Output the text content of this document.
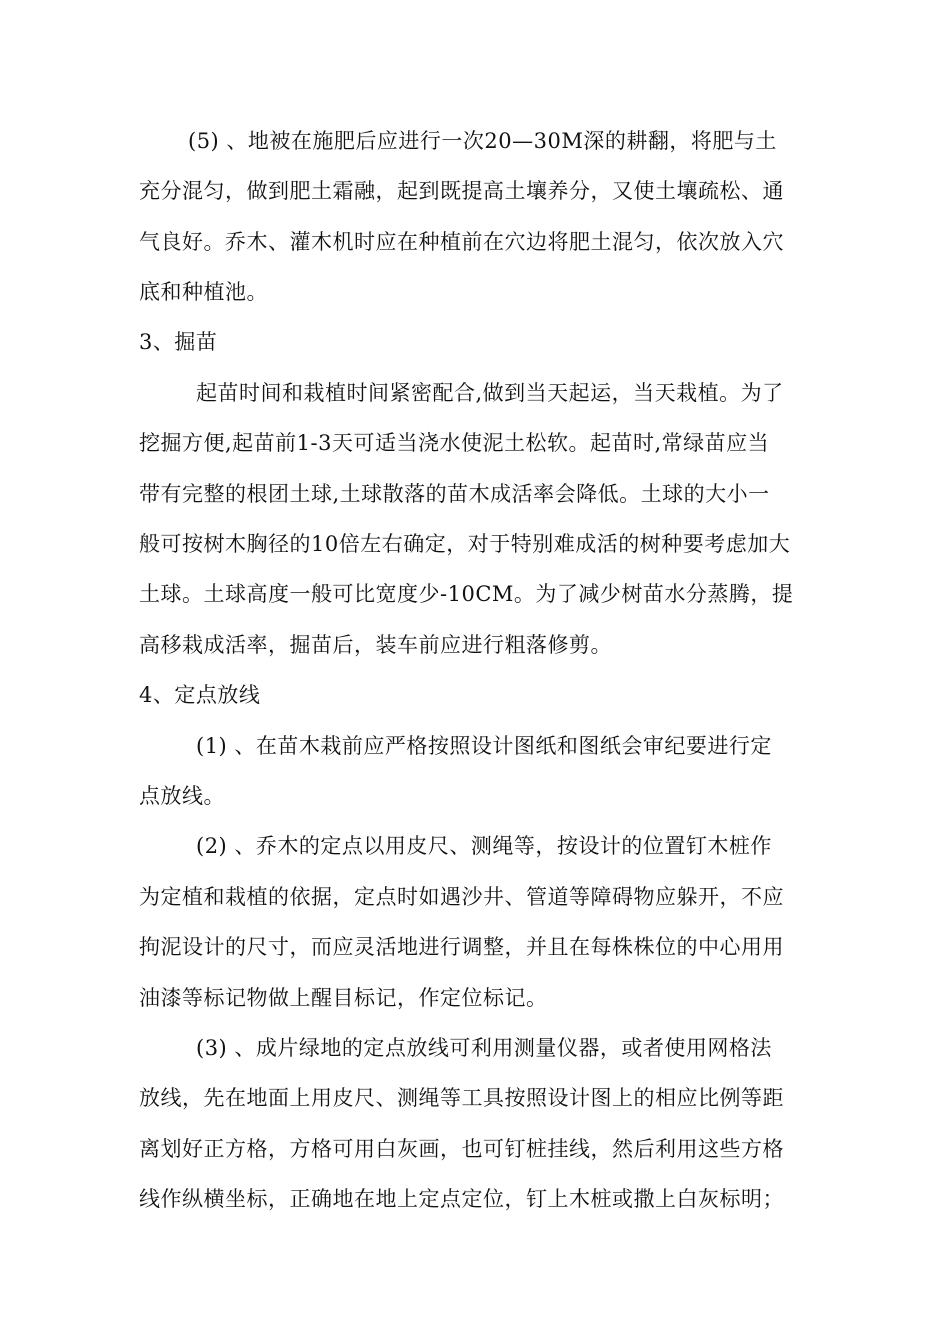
(5) 、地被在施肥后应进行一次20—30M深的耕翻，将肥与土
充分混匀，做到肥土霜融，起到既提高土壤养分，又使土壤疏松、通
气良好。乔木、灌木机时应在种植前在穴边将肥土混匀，依次放入穴
底和种植池。
3、掘苗
起苗时间和栽植时间紧密配合,做到当天起运，当天栽植。为了
挖掘方便,起苗前1-3天可适当浇水使泥土松软。起苗时,常绿苗应当
带有完整的根团土球,土球散落的苗木成活率会降低。土球的大小一
般可按树木胸径的10倍左右确定，对于特别难成活的树种要考虑加大
土球。土球高度一般可比宽度少-10CM。为了减少树苗水分蒸腾，提
高移栽成活率，掘苗后，装车前应进行粗落修剪。
4、定点放线
(1) 、在苗木栽前应严格按照设计图纸和图纸会审纪要进行定
点放线。
(2) 、乔木的定点以用皮尺、测绳等，按设计的位置钉木桩作
为定植和栽植的依据，定点时如遇沙井、管道等障碍物应躲开，不应
拘泥设计的尺寸，而应灵活地进行调整，并且在每株株位的中心用用
油漆等标记物做上醒目标记，作定位标记。
(3) 、成片绿地的定点放线可利用测量仪器，或者使用网格法
放线，先在地面上用皮尺、测绳等工具按照设计图上的相应比例等距
离划好正方格，方格可用白灰画，也可钉桩挂线，然后利用这些方格
线作纵横坐标，正确地在地上定点定位，钉上木桩或撒上白灰标明；
